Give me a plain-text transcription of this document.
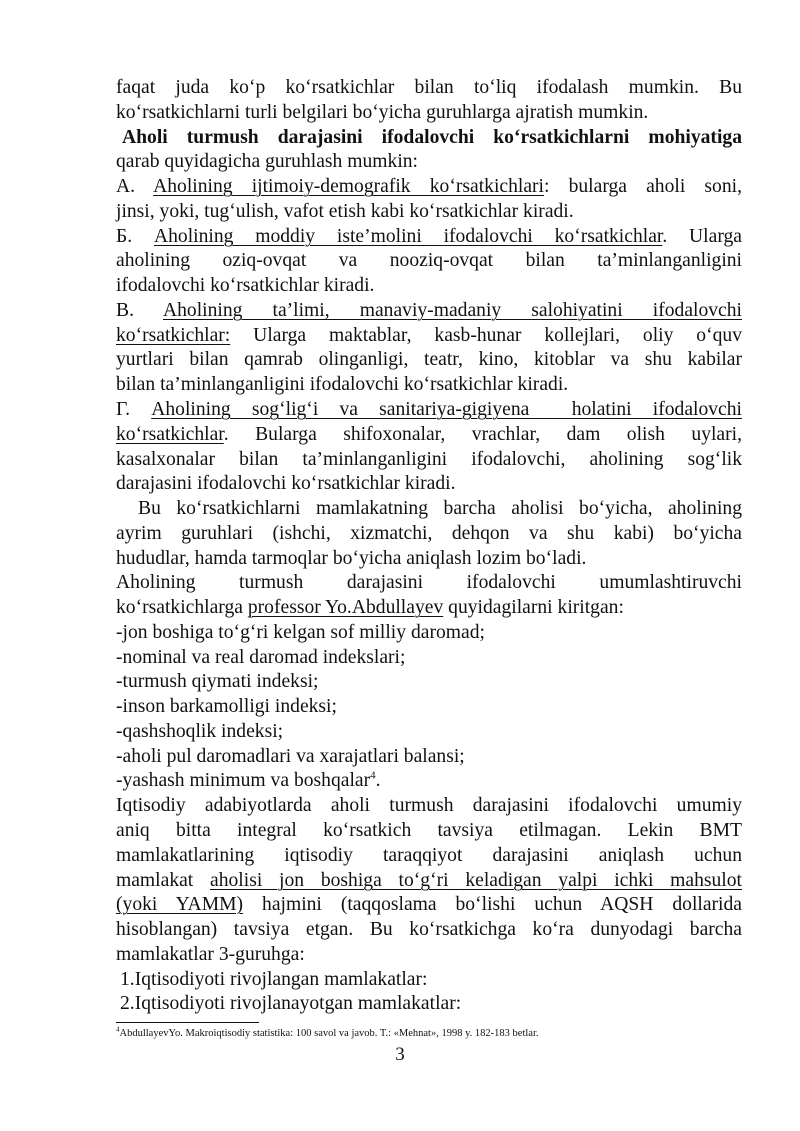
faqat juda ko‘p ko‘rsatkichlar bilan to‘liq ifodalash mumkin. Bu
ko‘rsatkichlarni turli belgilari bo‘yicha guruhlarga ajratish mumkin.
Aholi turmush darajasini ifodalovchi ko‘rsatkichlarni mohiyatiga
qarab quyidagicha guruhlash mumkin:
A. Aholining ijtimoiy-demografik ko‘rsatkichlari: bularga aholi soni,
jinsi, yoki, tug‘ulish, vafot etish kabi ko‘rsatkichlar kiradi.
Б. Aholining moddiy iste’molini ifodalovchi ko‘rsatkichlar. Ularga
aholining oziq-ovqat va nooziq-ovqat bilan ta’minlanganligini
ifodalovchi ko‘rsatkichlar kiradi.
B. Aholining ta’limi, manaviy-madaniy salohiyatini ifodalovchi
ko‘rsatkichlar: Ularga maktablar, kasb-hunar kollejlari, oliy o‘quv
yurtlari bilan qamrab olinganligi, teatr, kino, kitoblar va shu kabilar
bilan ta’minlanganligini ifodalovchi ko‘rsatkichlar kiradi.
Г. Aholining sog‘lig‘i va sanitariya-gigiyena  holatini ifodalovchi
ko‘rsatkichlar. Bularga shifoxonalar, vrachlar, dam olish uylari,
kasalxonalar bilan ta’minlanganligini ifodalovchi, aholining sog‘lik
darajasini ifodalovchi ko‘rsatkichlar kiradi.
Bu ko‘rsatkichlarni mamlakatning barcha aholisi bo‘yicha, aholining
ayrim guruhlari (ishchi, xizmatchi, dehqon va shu kabi) bo‘yicha
hududlar, hamda tarmoqlar bo‘yicha aniqlash lozim bo‘ladi.
Aholining turmush darajasini ifodalovchi umumlashtiruvchi
ko‘rsatkichlarga professor Yo.Abdullayev quyidagilarni kiritgan:
-jon boshiga to‘g‘ri kelgan sof milliy daromad;
-nominal va real daromad indekslari;
-turmush qiymati indeksi;
-inson barkamolligi indeksi;
-qashshoqlik indeksi;
-aholi pul daromadlari va xarajatlari balansi;
-yashash minimum va boshqalar$^4$.
Iqtisodiy adabiyotlarda aholi turmush darajasini ifodalovchi umumiy
aniq bitta integral ko‘rsatkich tavsiya etilmagan. Lekin BMT
mamlakatlarining iqtisodiy taraqqiyot darajasini aniqlash uchun
mamlakat aholisi jon boshiga to‘g‘ri keladigan yalpi ichki mahsulot
(yoki YAMM) hajmini (taqqoslama bo‘lishi uchun AQSH dollarida
hisoblangan) tavsiya etgan. Bu ko‘rsatkichga ko‘ra dunyodagi barcha
mamlakatlar 3-guruhga:
1.Iqtisodiyoti rivojlangan mamlakatlar:
2.Iqtisodiyoti rivojlanayotgan mamlakatlar:
$^4$AbdullayevYo. Makroiqtisodiy statistika: 100 savol va javob. T.: «Mehnat», 1998 y. 182-183 betlar.
3
